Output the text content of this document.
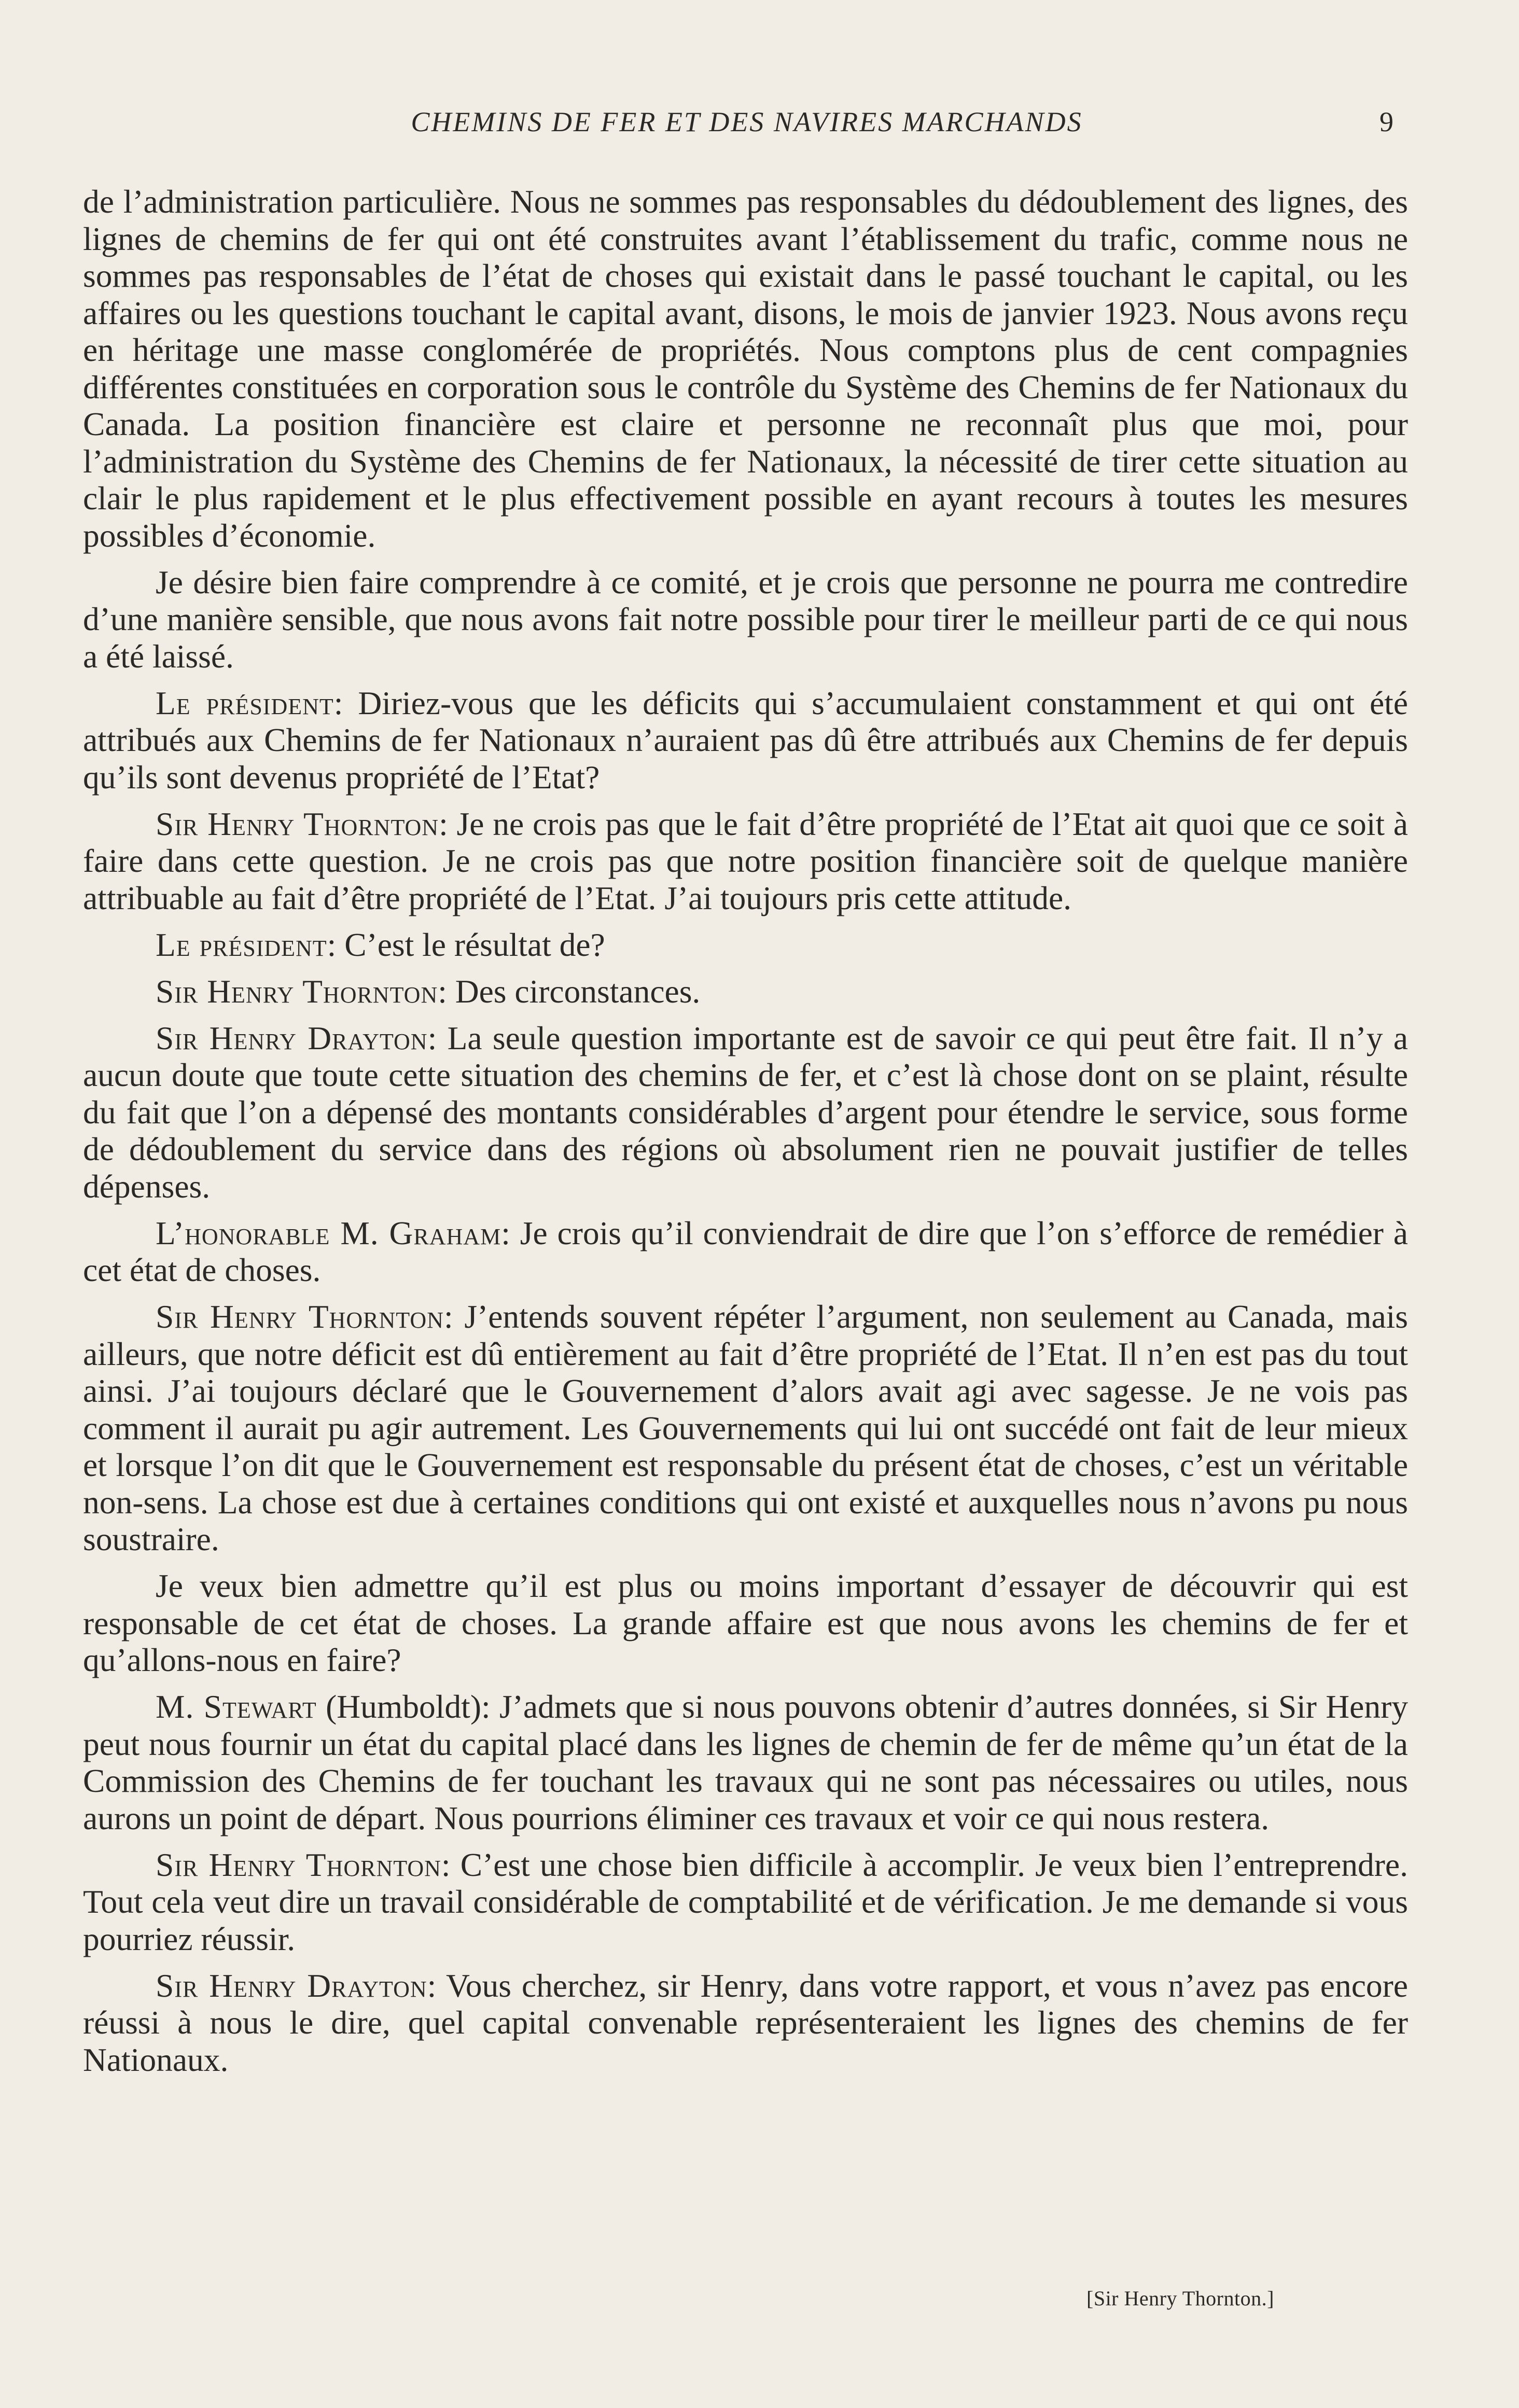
CHEMINS DE FER ET DES NAVIRES MARCHANDS	9

de l’administration particulière. Nous ne sommes pas responsables du dédoublement des lignes, des lignes de chemins de fer qui ont été construites avant l’établissement du trafic, comme nous ne sommes pas responsables de l’état de choses qui existait dans le passé touchant le capital, ou les affaires ou les questions touchant le capital avant, disons, le mois de janvier 1923. Nous avons reçu en héritage une masse conglomérée de propriétés. Nous comptons plus de cent compagnies différentes constituées en corporation sous le contrôle du Système des Chemins de fer Nationaux du Canada. La position financière est claire et personne ne reconnaît plus que moi, pour l’administration du Système des Chemins de fer Nationaux, la nécessité de tirer cette situation au clair le plus rapidement et le plus effectivement possible en ayant recours à toutes les mesures possibles d’économie.

Je désire bien faire comprendre à ce comité, et je crois que personne ne pourra me contredire d’une manière sensible, que nous avons fait notre possible pour tirer le meilleur parti de ce qui nous a été laissé.

Le président: Diriez-vous que les déficits qui s’accumulaient constamment et qui ont été attribués aux Chemins de fer Nationaux n’auraient pas dû être attribués aux Chemins de fer depuis qu’ils sont devenus propriété de l’Etat?

Sir Henry Thornton: Je ne crois pas que le fait d’être propriété de l’Etat ait quoi que ce soit à faire dans cette question. Je ne crois pas que notre position financière soit de quelque manière attribuable au fait d’être propriété de l’Etat. J’ai toujours pris cette attitude.

Le président: C’est le résultat de?

Sir Henry Thornton: Des circonstances.

Sir Henry Drayton: La seule question importante est de savoir ce qui peut être fait. Il n’y a aucun doute que toute cette situation des chemins de fer, et c’est là chose dont on se plaint, résulte du fait que l’on a dépensé des montants considérables d’argent pour étendre le service, sous forme de dédoublement du service dans des régions où absolument rien ne pouvait justifier de telles dépenses.

L’honorable M. Graham: Je crois qu’il conviendrait de dire que l’on s’efforce de remédier à cet état de choses.

Sir Henry Thornton: J’entends souvent répéter l’argument, non seulement au Canada, mais ailleurs, que notre déficit est dû entièrement au fait d’être propriété de l’Etat. Il n’en est pas du tout ainsi. J’ai toujours déclaré que le Gouvernement d’alors avait agi avec sagesse. Je ne vois pas comment il aurait pu agir autrement. Les Gouvernements qui lui ont succédé ont fait de leur mieux et lorsque l’on dit que le Gouvernement est responsable du présent état de choses, c’est un véritable non-sens. La chose est due à certaines conditions qui ont existé et auxquelles nous n’avons pu nous soustraire.

Je veux bien admettre qu’il est plus ou moins important d’essayer de découvrir qui est responsable de cet état de choses. La grande affaire est que nous avons les chemins de fer et qu’allons-nous en faire?

M. Stewart (Humboldt): J’admets que si nous pouvons obtenir d’autres données, si Sir Henry peut nous fournir un état du capital placé dans les lignes de chemin de fer de même qu’un état de la Commission des Chemins de fer touchant les travaux qui ne sont pas nécessaires ou utiles, nous aurons un point de départ. Nous pourrions éliminer ces travaux et voir ce qui nous restera.

Sir Henry Thornton: C’est une chose bien difficile à accomplir. Je veux bien l’entreprendre. Tout cela veut dire un travail considérable de comptabilité et de vérification. Je me demande si vous pourriez réussir.

Sir Henry Drayton: Vous cherchez, sir Henry, dans votre rapport, et vous n’avez pas encore réussi à nous le dire, quel capital convenable représenteraient les lignes des chemins de fer Nationaux.

[Sir Henry Thornton.]
